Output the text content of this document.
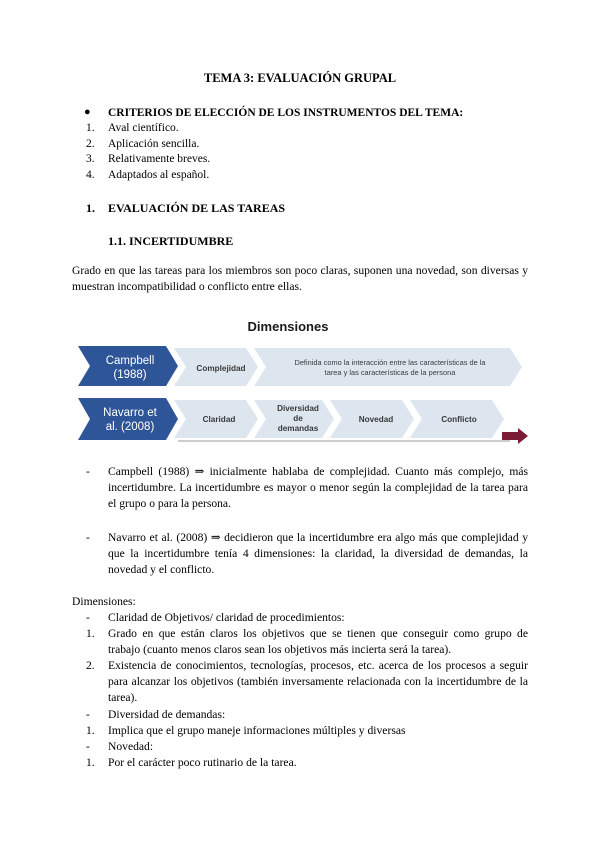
TEMA 3: EVALUACIÓN GRUPAL
● CRITERIOS DE ELECCIÓN DE LOS INSTRUMENTOS DEL TEMA:
1. Aval científico.
2. Aplicación sencilla.
3. Relativamente breves.
4. Adaptados al español.
1. EVALUACIÓN DE LAS TAREAS
1.1. INCERTIDUMBRE
Grado en que las tareas para los miembros son poco claras, suponen una novedad, son diversas y muestran incompatibilidad o conflicto entre ellas.
Dimensiones
Campbell
(1988)
Complejidad
Definida como la interacción entre las características de la
tarea y las características de la persona
Navarro et
al. (2008)
Claridad
Diversidad
de
demandas
Novedad	Conflicto
- Campbell (1988) ⇒ inicialmente hablaba de complejidad. Cuanto más complejo, más incertidumbre. La incertidumbre es mayor o menor según la complejidad de la tarea para el grupo o para la persona.
- Navarro et al. (2008) ⇒ decidieron que la incertidumbre era algo más que complejidad y que la incertidumbre tenía 4 dimensiones: la claridad, la diversidad de demandas, la novedad y el conflicto.
Dimensiones:
- Claridad de Objetivos/ claridad de procedimientos:
1. Grado en que están claros los objetivos que se tienen que conseguir como grupo de trabajo (cuanto menos claros sean los objetivos más incierta será la tarea).
2. Existencia de conocimientos, tecnologías, procesos, etc. acerca de los procesos a seguir para alcanzar los objetivos (también inversamente relacionada con la incertidumbre de la tarea).
- Diversidad de demandas:
1. Implica que el grupo maneje informaciones múltiples y diversas
- Novedad:
1. Por el carácter poco rutinario de la tarea.
